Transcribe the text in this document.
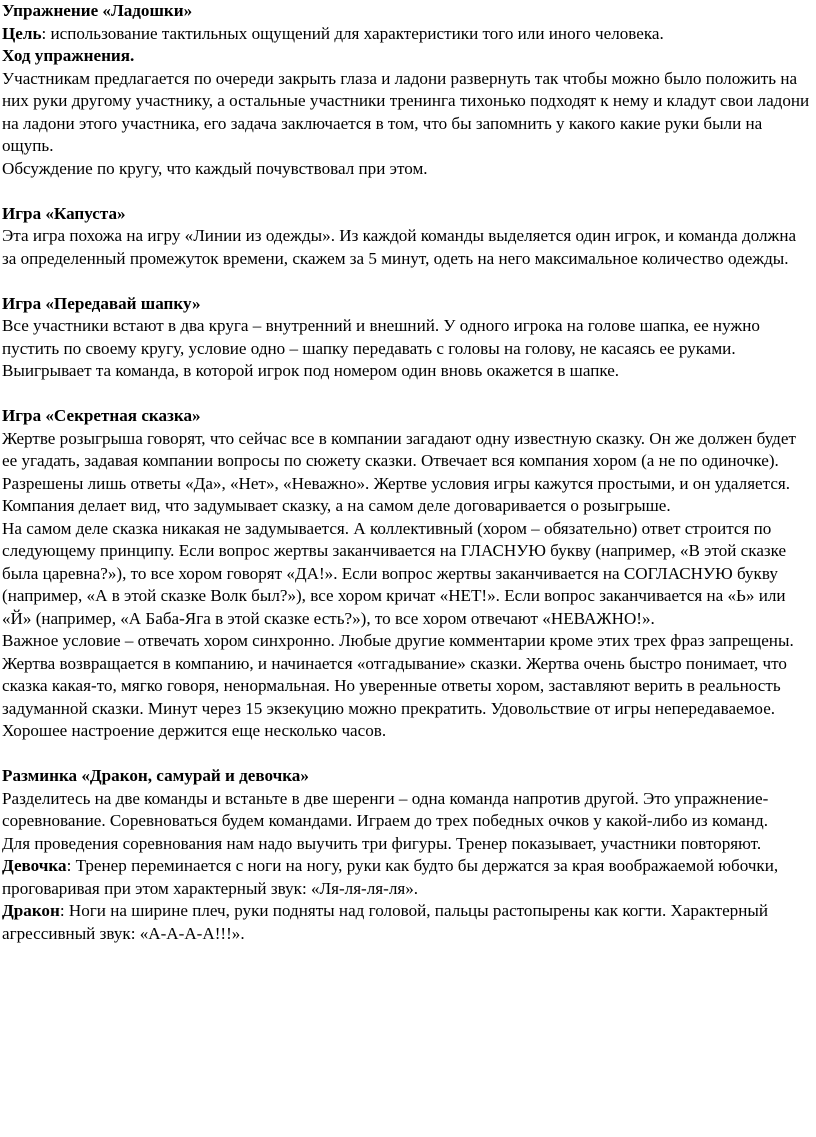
Упражнение «Ладошки»

Цель: использование тактильных ощущений для характеристики того или иного человека.

Ход упражнения.

Участникам предлагается по очереди закрыть глаза и ладони развернуть так чтобы можно было положить на них руки другому участнику, а остальные участники тренинга тихонько подходят к нему и кладут свои ладони на ладони этого участника, его задача заключается в том, что бы запомнить у какого какие руки были на ощупь.

Обсуждение по кругу, что каждый почувствовал при этом.

Игра «Капуста»

Эта игра похожа на игру «Линии из одежды». Из каждой команды выделяется один игрок, и команда должна за определенный промежуток времени, скажем за 5 минут, одеть на него максимальное количество одежды.

Игра «Передавай шапку»

Все участники встают в два круга – внутренний и внешний. У одного игрока на голове шапка, ее нужно пустить по своему кругу, условие одно – шапку передавать с головы на голову, не касаясь ее руками. Выигрывает та команда, в которой игрок под номером один вновь окажется в шапке.

Игра «Секретная сказка»

Жертве розыгрыша говорят, что сейчас все в компании загадают одну известную сказку. Он же должен будет ее угадать, задавая компании вопросы по сюжету сказки. Отвечает вся компания хором (а не по одиночке). Разрешены лишь ответы «Да», «Нет», «Неважно». Жертве условия игры кажутся простыми, и он удаляется. Компания делает вид, что задумывает сказку, а на самом деле договаривается о розыгрыше.

На самом деле сказка никакая не задумывается. А коллективный (хором – обязательно) ответ строится по следующему принципу. Если вопрос жертвы заканчивается на ГЛАСНУЮ букву (например, «В этой сказке была царевна?»), то все хором говорят «ДА!». Если вопрос жертвы заканчивается на СОГЛАСНУЮ букву (например, «А в этой сказке Волк был?»), все хором кричат «НЕТ!». Если вопрос заканчивается на «Ь» или «Й» (например, «А Баба-Яга в этой сказке есть?»), то все хором отвечают «НЕВАЖНО!».

Важное условие – отвечать хором синхронно. Любые другие комментарии кроме этих трех фраз запрещены. Жертва возвращается в компанию, и начинается «отгадывание» сказки. Жертва очень быстро понимает, что сказка какая-то, мягко говоря, ненормальная. Но уверенные ответы хором, заставляют верить в реальность задуманной сказки. Минут через 15 экзекуцию можно прекратить. Удовольствие от игры непередаваемое. Хорошее настроение держится еще несколько часов.

Разминка «Дракон, самурай и девочка»

Разделитесь на две команды и встаньте в две шеренги – одна команда напротив другой. Это упражнение-соревнование. Соревноваться будем командами. Играем до трех победных очков у какой-либо из команд.

Для проведения соревнования нам надо выучить три фигуры. Тренер показывает, участники повторяют.

Девочка: Тренер переминается с ноги на ногу, руки как будто бы держатся за края воображаемой юбочки, проговаривая при этом характерный звук: «Ля-ля-ля-ля».

Дракон: Ноги на ширине плеч, руки подняты над головой, пальцы растопырены как когти. Характерный агрессивный звук: «А-А-А-А!!!».
